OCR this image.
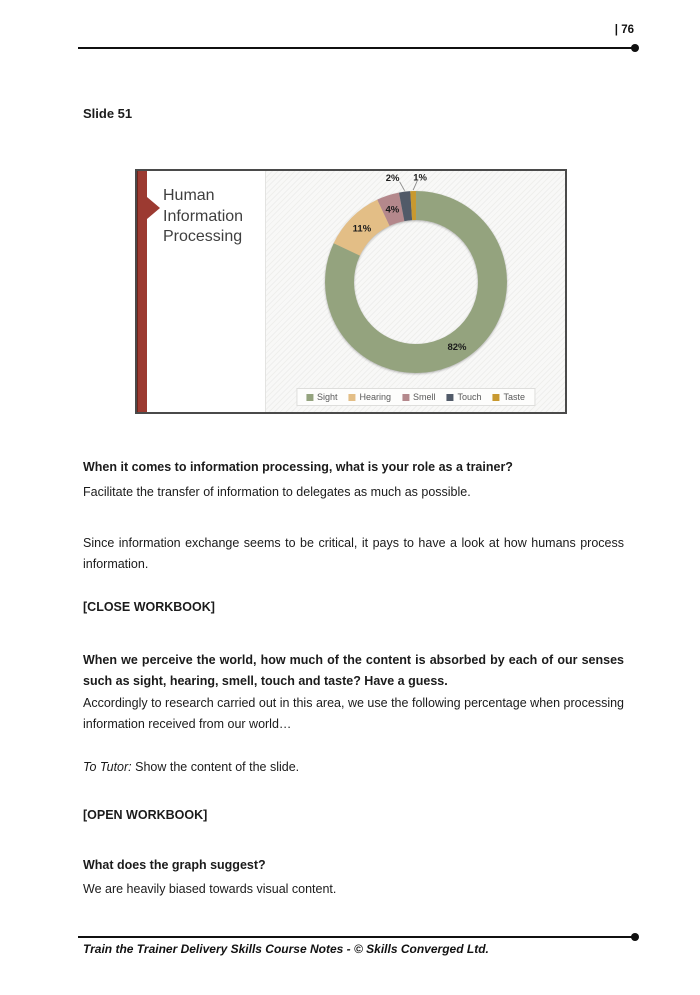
| 76
Slide 51
Human Information Processing
82%
11%
4%
2% 1%
Sight Hearing Smell Touch Taste
When it comes to information processing, what is your role as a trainer?
Facilitate the transfer of information to delegates as much as possible.
Since information exchange seems to be critical, it pays to have a look at how humans process information.
[CLOSE WORKBOOK]
When we perceive the world, how much of the content is absorbed by each of our senses such as sight, hearing, smell, touch and taste? Have a guess.
Accordingly to research carried out in this area, we use the following percentage when processing information received from our world…
To Tutor: Show the content of the slide.
[OPEN WORKBOOK]
What does the graph suggest?
We are heavily biased towards visual content.
Train the Trainer Delivery Skills Course Notes - © Skills Converged Ltd.
